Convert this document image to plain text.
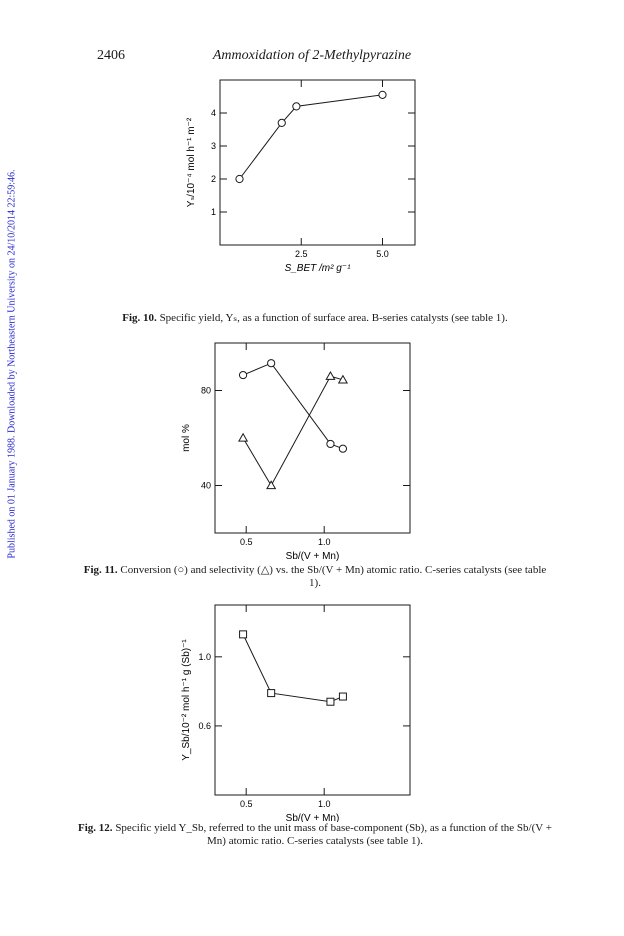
Published on 01 January 1988. Downloaded by Northeastern University on 24/10/2014 22:59:46.
2406	Ammoxidation of 2-Methylpyrazine
2.5	5.0
1
2
3
4
Yₛ/10⁻⁴ mol h⁻¹ m⁻²
S_BET /m² g⁻¹
Fig. 10. Specific yield, Yₛ, as a function of surface area. B-series catalysts (see table 1).
0.5	1.0
40
80
mol %
Sb/(V + Mn)
Fig. 11. Conversion (○) and selectivity (△) vs. the Sb/(V + Mn) atomic ratio. C-series catalysts (see table 1).
0.5	1.0
0.6
1.0
Y_Sb/10⁻² mol h⁻¹ g (Sb)⁻¹
Sb/(V + Mn)
Fig. 12. Specific yield Y_Sb, referred to the unit mass of base-component (Sb), as a function of the Sb/(V + Mn) atomic ratio. C-series catalysts (see table 1).
